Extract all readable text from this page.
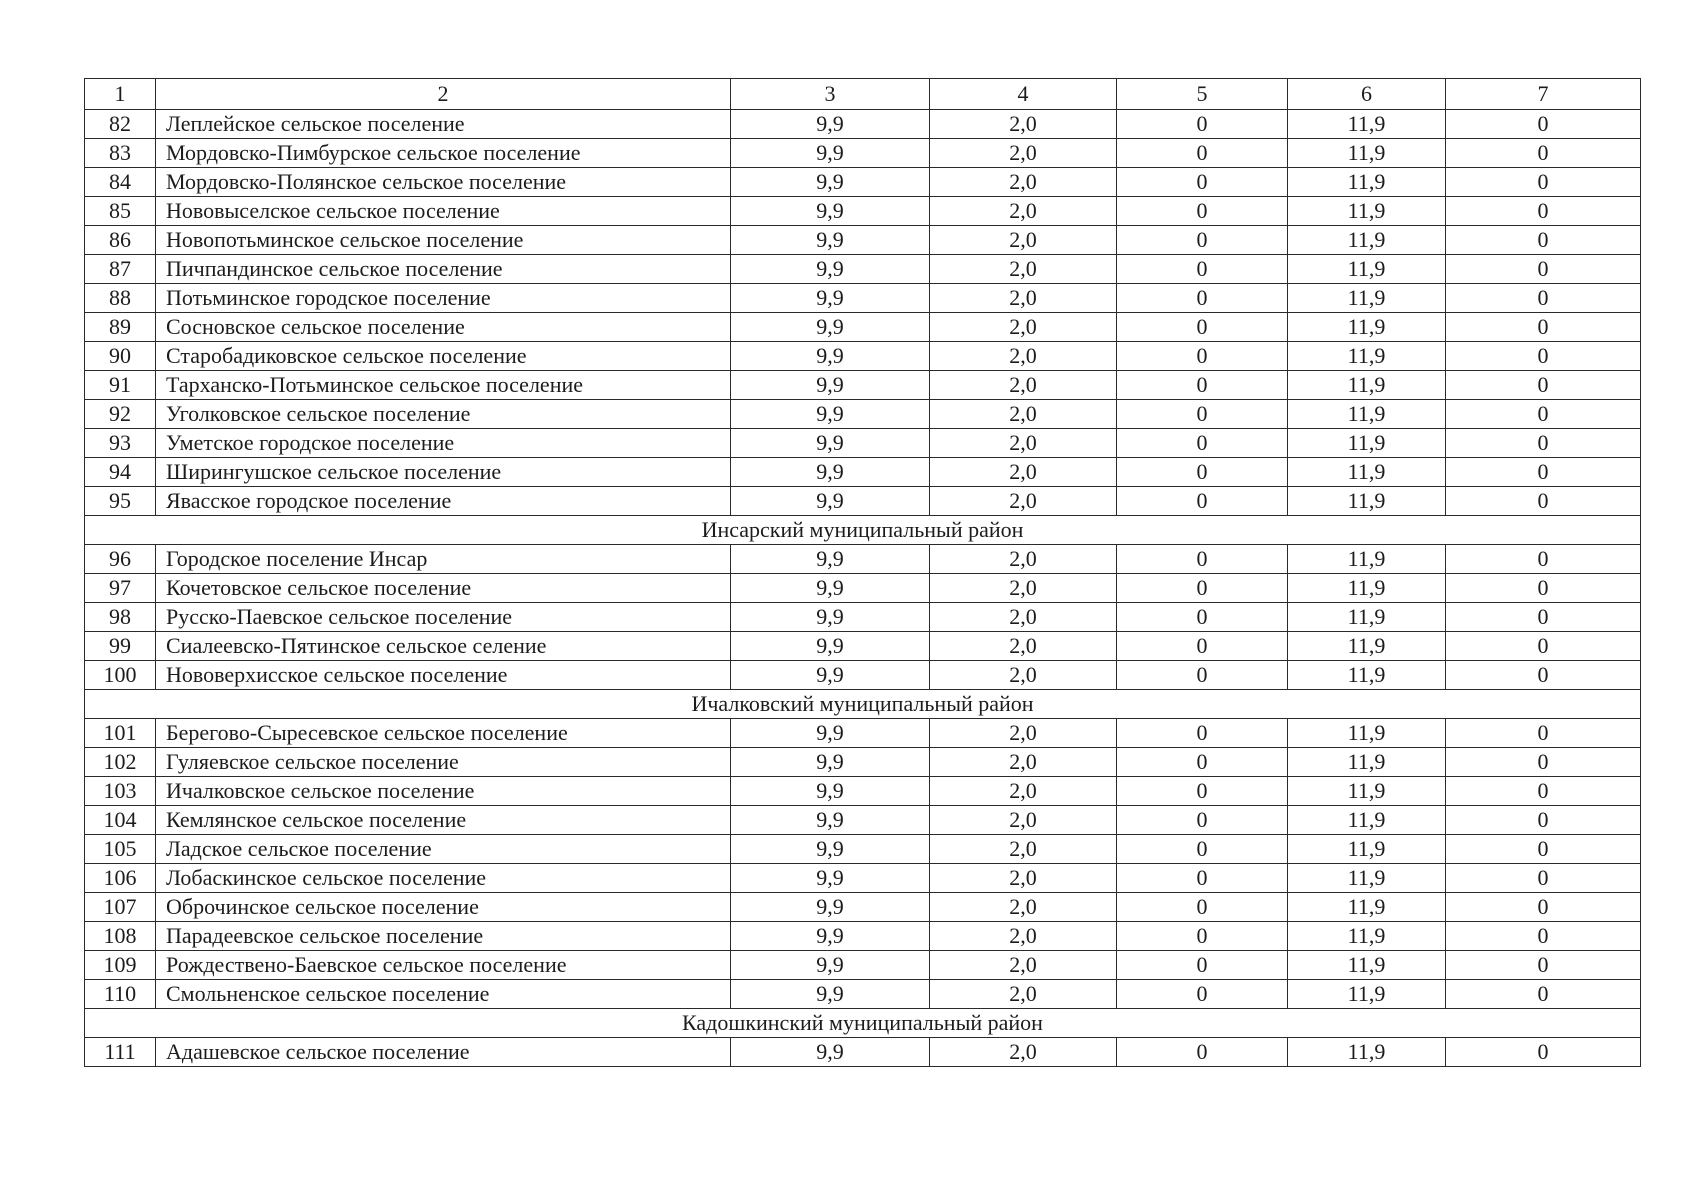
1	2	3	4	5	6	7
82	Леплейское сельское поселение	9,9	2,0	0	11,9	0
83	Мордовско-Пимбурское сельское поселение	9,9	2,0	0	11,9	0
84	Мордовско-Полянское сельское поселение	9,9	2,0	0	11,9	0
85	Нововыселское сельское поселение	9,9	2,0	0	11,9	0
86	Новопотьминское сельское поселение	9,9	2,0	0	11,9	0
87	Пичпандинское сельское поселение	9,9	2,0	0	11,9	0
88	Потьминское городское поселение	9,9	2,0	0	11,9	0
89	Сосновское сельское поселение	9,9	2,0	0	11,9	0
90	Старобадиковское сельское поселение	9,9	2,0	0	11,9	0
91	Тарханско-Потьминское сельское поселение	9,9	2,0	0	11,9	0
92	Уголковское сельское поселение	9,9	2,0	0	11,9	0
93	Уметское городское поселение	9,9	2,0	0	11,9	0
94	Ширингушское сельское поселение	9,9	2,0	0	11,9	0
95	Явасское городское поселение	9,9	2,0	0	11,9	0
Инсарский муниципальный район						
96	Городское поселение Инсар	9,9	2,0	0	11,9	0
97	Кочетовское сельское поселение	9,9	2,0	0	11,9	0
98	Русско-Паевское сельское поселение	9,9	2,0	0	11,9	0
99	Сиалеевско-Пятинское сельское селение	9,9	2,0	0	11,9	0
100	Нововерхисское сельское поселение	9,9	2,0	0	11,9	0
Ичалковский муниципальный район						
101	Берегово-Сыресевское сельское поселение	9,9	2,0	0	11,9	0
102	Гуляевское сельское поселение	9,9	2,0	0	11,9	0
103	Ичалковское сельское поселение	9,9	2,0	0	11,9	0
104	Кемлянское сельское поселение	9,9	2,0	0	11,9	0
105	Ладское сельское поселение	9,9	2,0	0	11,9	0
106	Лобаскинское сельское поселение	9,9	2,0	0	11,9	0
107	Оброчинское сельское поселение	9,9	2,0	0	11,9	0
108	Парадеевское сельское поселение	9,9	2,0	0	11,9	0
109	Рождествено-Баевское сельское поселение	9,9	2,0	0	11,9	0
110	Смольненское сельское поселение	9,9	2,0	0	11,9	0
Кадошкинский муниципальный район						
111	Адашевское сельское поселение	9,9	2,0	0	11,9	0
